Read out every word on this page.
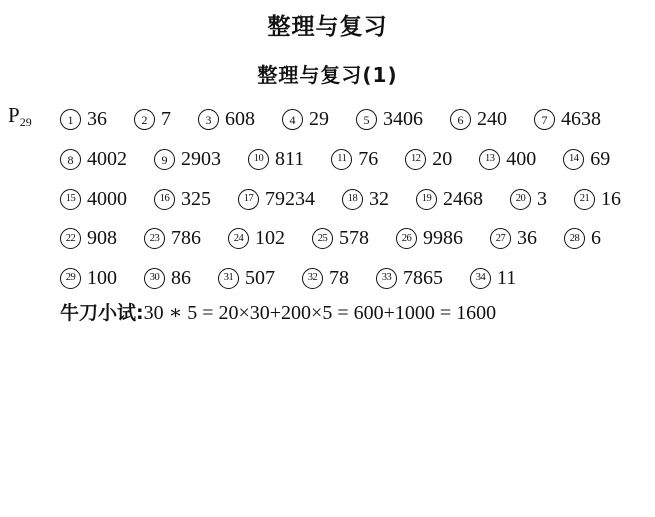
整理与复习
整理与复习(1)
$P_{29}$	1 36	2 7	3 608	4 29	5 3406	6 240	7 4638
8 4002	9 2903	10 811	11 76	12 20	13 400	14 69
15 4000	16 325	17 79234	18 32	19 2468	20 3	21 16
22 908	23 786	24 102	25 578	26 9986	27 36	28 6
29 100	30 86	31 507	32 78	33 7865	34 11
牛刀小试:30 ∗ 5 = 20×30+200×5 = 600+1000 = 1600
